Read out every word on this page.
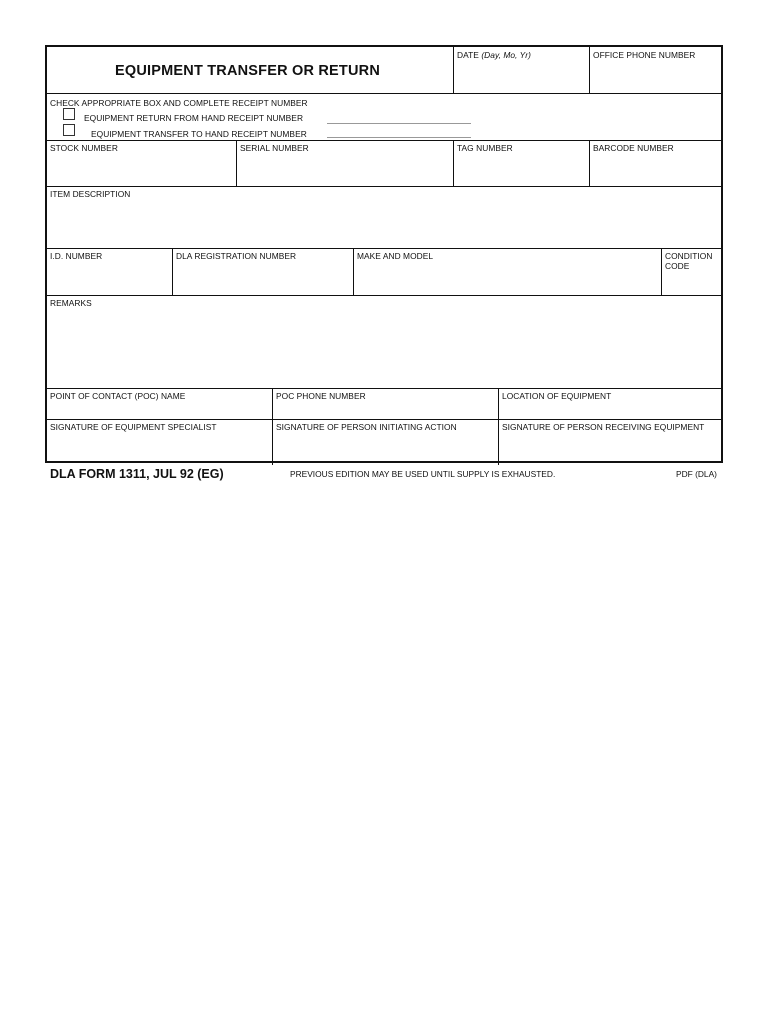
EQUIPMENT TRANSFER OR RETURN
DATE (Day, Mo, Yr)	OFFICE PHONE NUMBER
CHECK APPROPRIATE BOX AND COMPLETE RECEIPT NUMBER
EQUIPMENT RETURN FROM HAND RECEIPT NUMBER
EQUIPMENT TRANSFER TO HAND RECEIPT NUMBER
STOCK NUMBER	SERIAL NUMBER	TAG NUMBER	BARCODE NUMBER
ITEM DESCRIPTION
I.D. NUMBER	DLA REGISTRATION NUMBER	MAKE AND MODEL	CONDITION
CODE
REMARKS
POINT OF CONTACT (POC) NAME	POC PHONE NUMBER	LOCATION OF EQUIPMENT
SIGNATURE OF EQUIPMENT SPECIALIST	SIGNATURE OF PERSON INITIATING ACTION	SIGNATURE OF PERSON RECEIVING EQUIPMENT
DLA FORM 1311, JUL 92 (EG)	PREVIOUS EDITION MAY BE USED UNTIL SUPPLY IS EXHAUSTED.	PDF (DLA)
